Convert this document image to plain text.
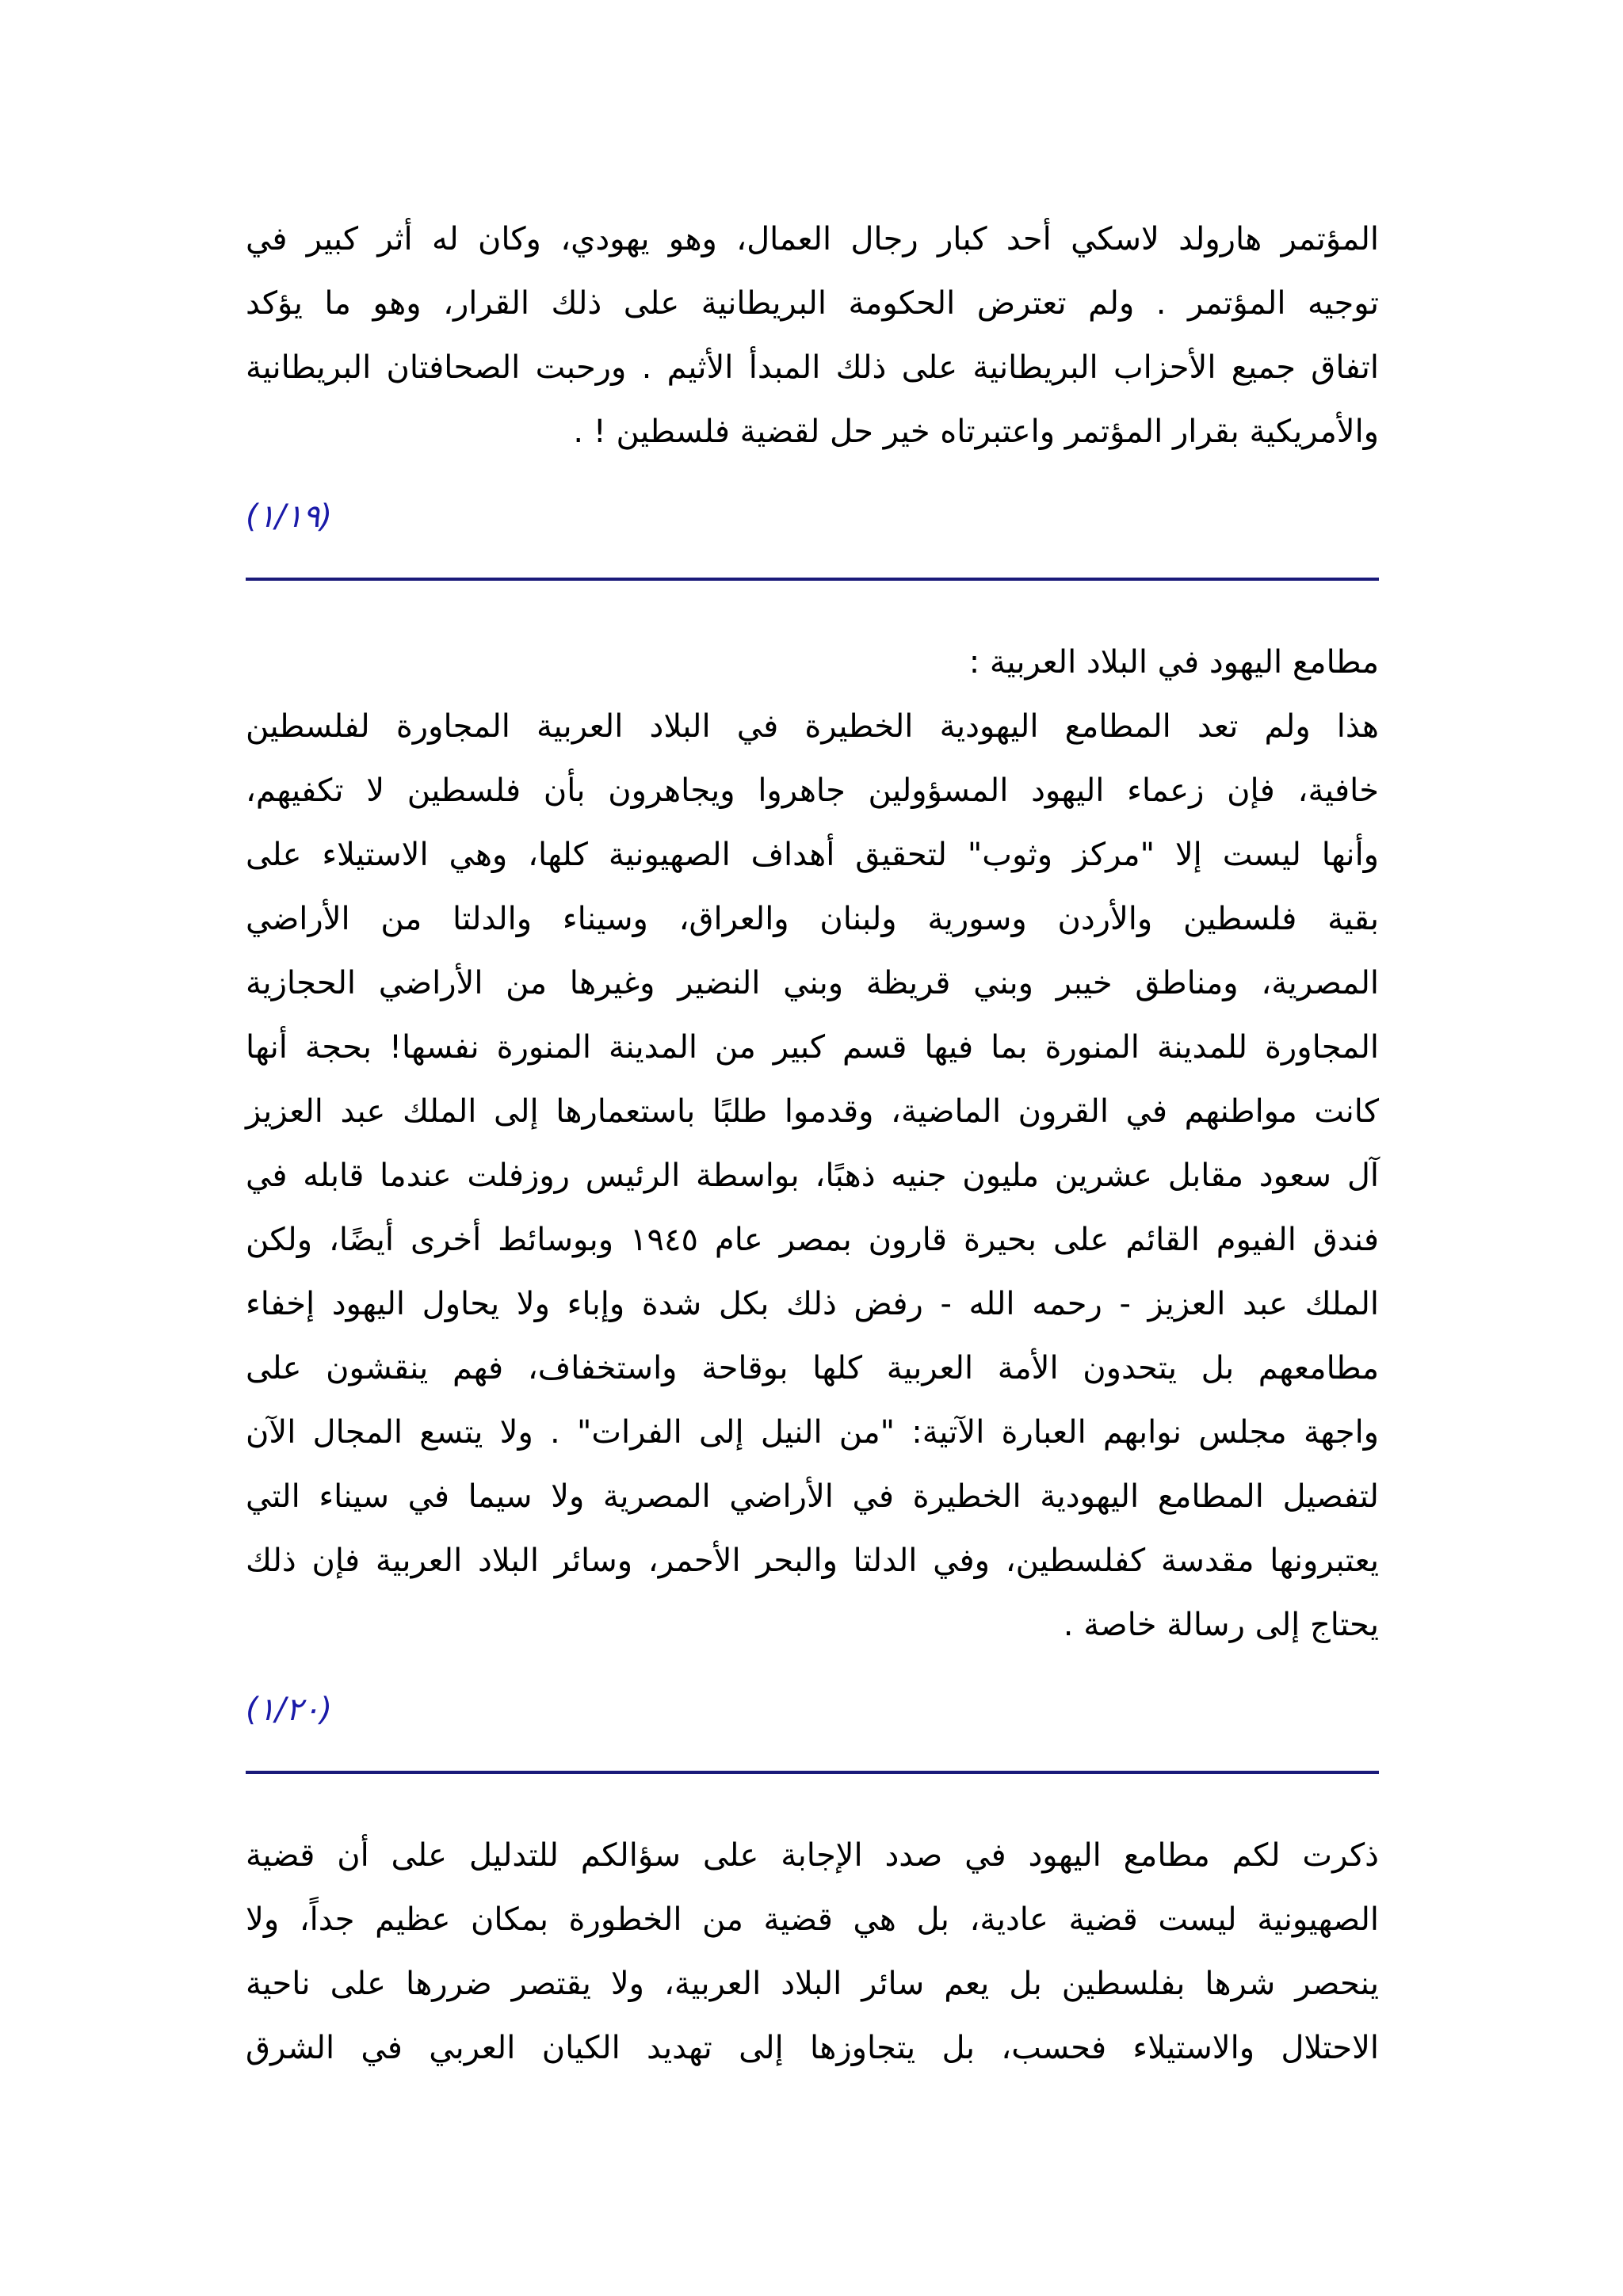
المؤتمر هارولد لاسكي أحد كبار رجال العمال، وهو يهودي، وكان له أثر كبير في
توجيه المؤتمر . ولم تعترض الحكومة البريطانية على ذلك القرار، وهو ما يؤكد
اتفاق جميع الأحزاب البريطانية على ذلك المبدأ الأثيم . ورحبت الصحافتان البريطانية
والأمريكية بقرار المؤتمر واعتبرتاه خير حل لقضية فلسطين ! .
(١/١٩)
مطامع اليهود في البلاد العربية :
هذا ولم تعد المطامع اليهودية الخطيرة في البلاد العربية المجاورة لفلسطين
خافية، فإن زعماء اليهود المسؤولين جاهروا ويجاهرون بأن فلسطين لا تكفيهم،
وأنها ليست إلا "مركز وثوب" لتحقيق أهداف الصهيونية كلها، وهي الاستيلاء على
بقية فلسطين والأردن وسورية ولبنان والعراق، وسيناء والدلتا من الأراضي
المصرية، ومناطق خيبر وبني قريظة وبني النضير وغيرها من الأراضي الحجازية
المجاورة للمدينة المنورة بما فيها قسم كبير من المدينة المنورة نفسها! بحجة أنها
كانت مواطنهم في القرون الماضية، وقدموا طلبًا باستعمارها إلى الملك عبد العزيز
آل سعود مقابل عشرين مليون جنيه ذهبًا، بواسطة الرئيس روزفلت عندما قابله في
فندق الفيوم القائم على بحيرة قارون بمصر عام ١٩٤٥ وبوسائط أخرى أيضًا، ولكن
الملك عبد العزيز - رحمه الله - رفض ذلك بكل شدة وإباء ولا يحاول اليهود إخفاء
مطامعهم بل يتحدون الأمة العربية كلها بوقاحة واستخفاف، فهم ينقشون على
واجهة مجلس نوابهم العبارة الآتية: "من النيل إلى الفرات" . ولا يتسع المجال الآن
لتفصيل المطامع اليهودية الخطيرة في الأراضي المصرية ولا سيما في سيناء التي
يعتبرونها مقدسة كفلسطين، وفي الدلتا والبحر الأحمر، وسائر البلاد العربية فإن ذلك
يحتاج إلى رسالة خاصة .
(١/٢٠)
ذكرت لكم مطامع اليهود في صدد الإجابة على سؤالكم للتدليل على أن قضية
الصهيونية ليست قضية عادية، بل هي قضية من الخطورة بمكان عظيم جداً، ولا
ينحصر شرها بفلسطين بل يعم سائر البلاد العربية، ولا يقتصر ضررها على ناحية
الاحتلال والاستيلاء فحسب، بل يتجاوزها إلى تهديد الكيان العربي في الشرق
